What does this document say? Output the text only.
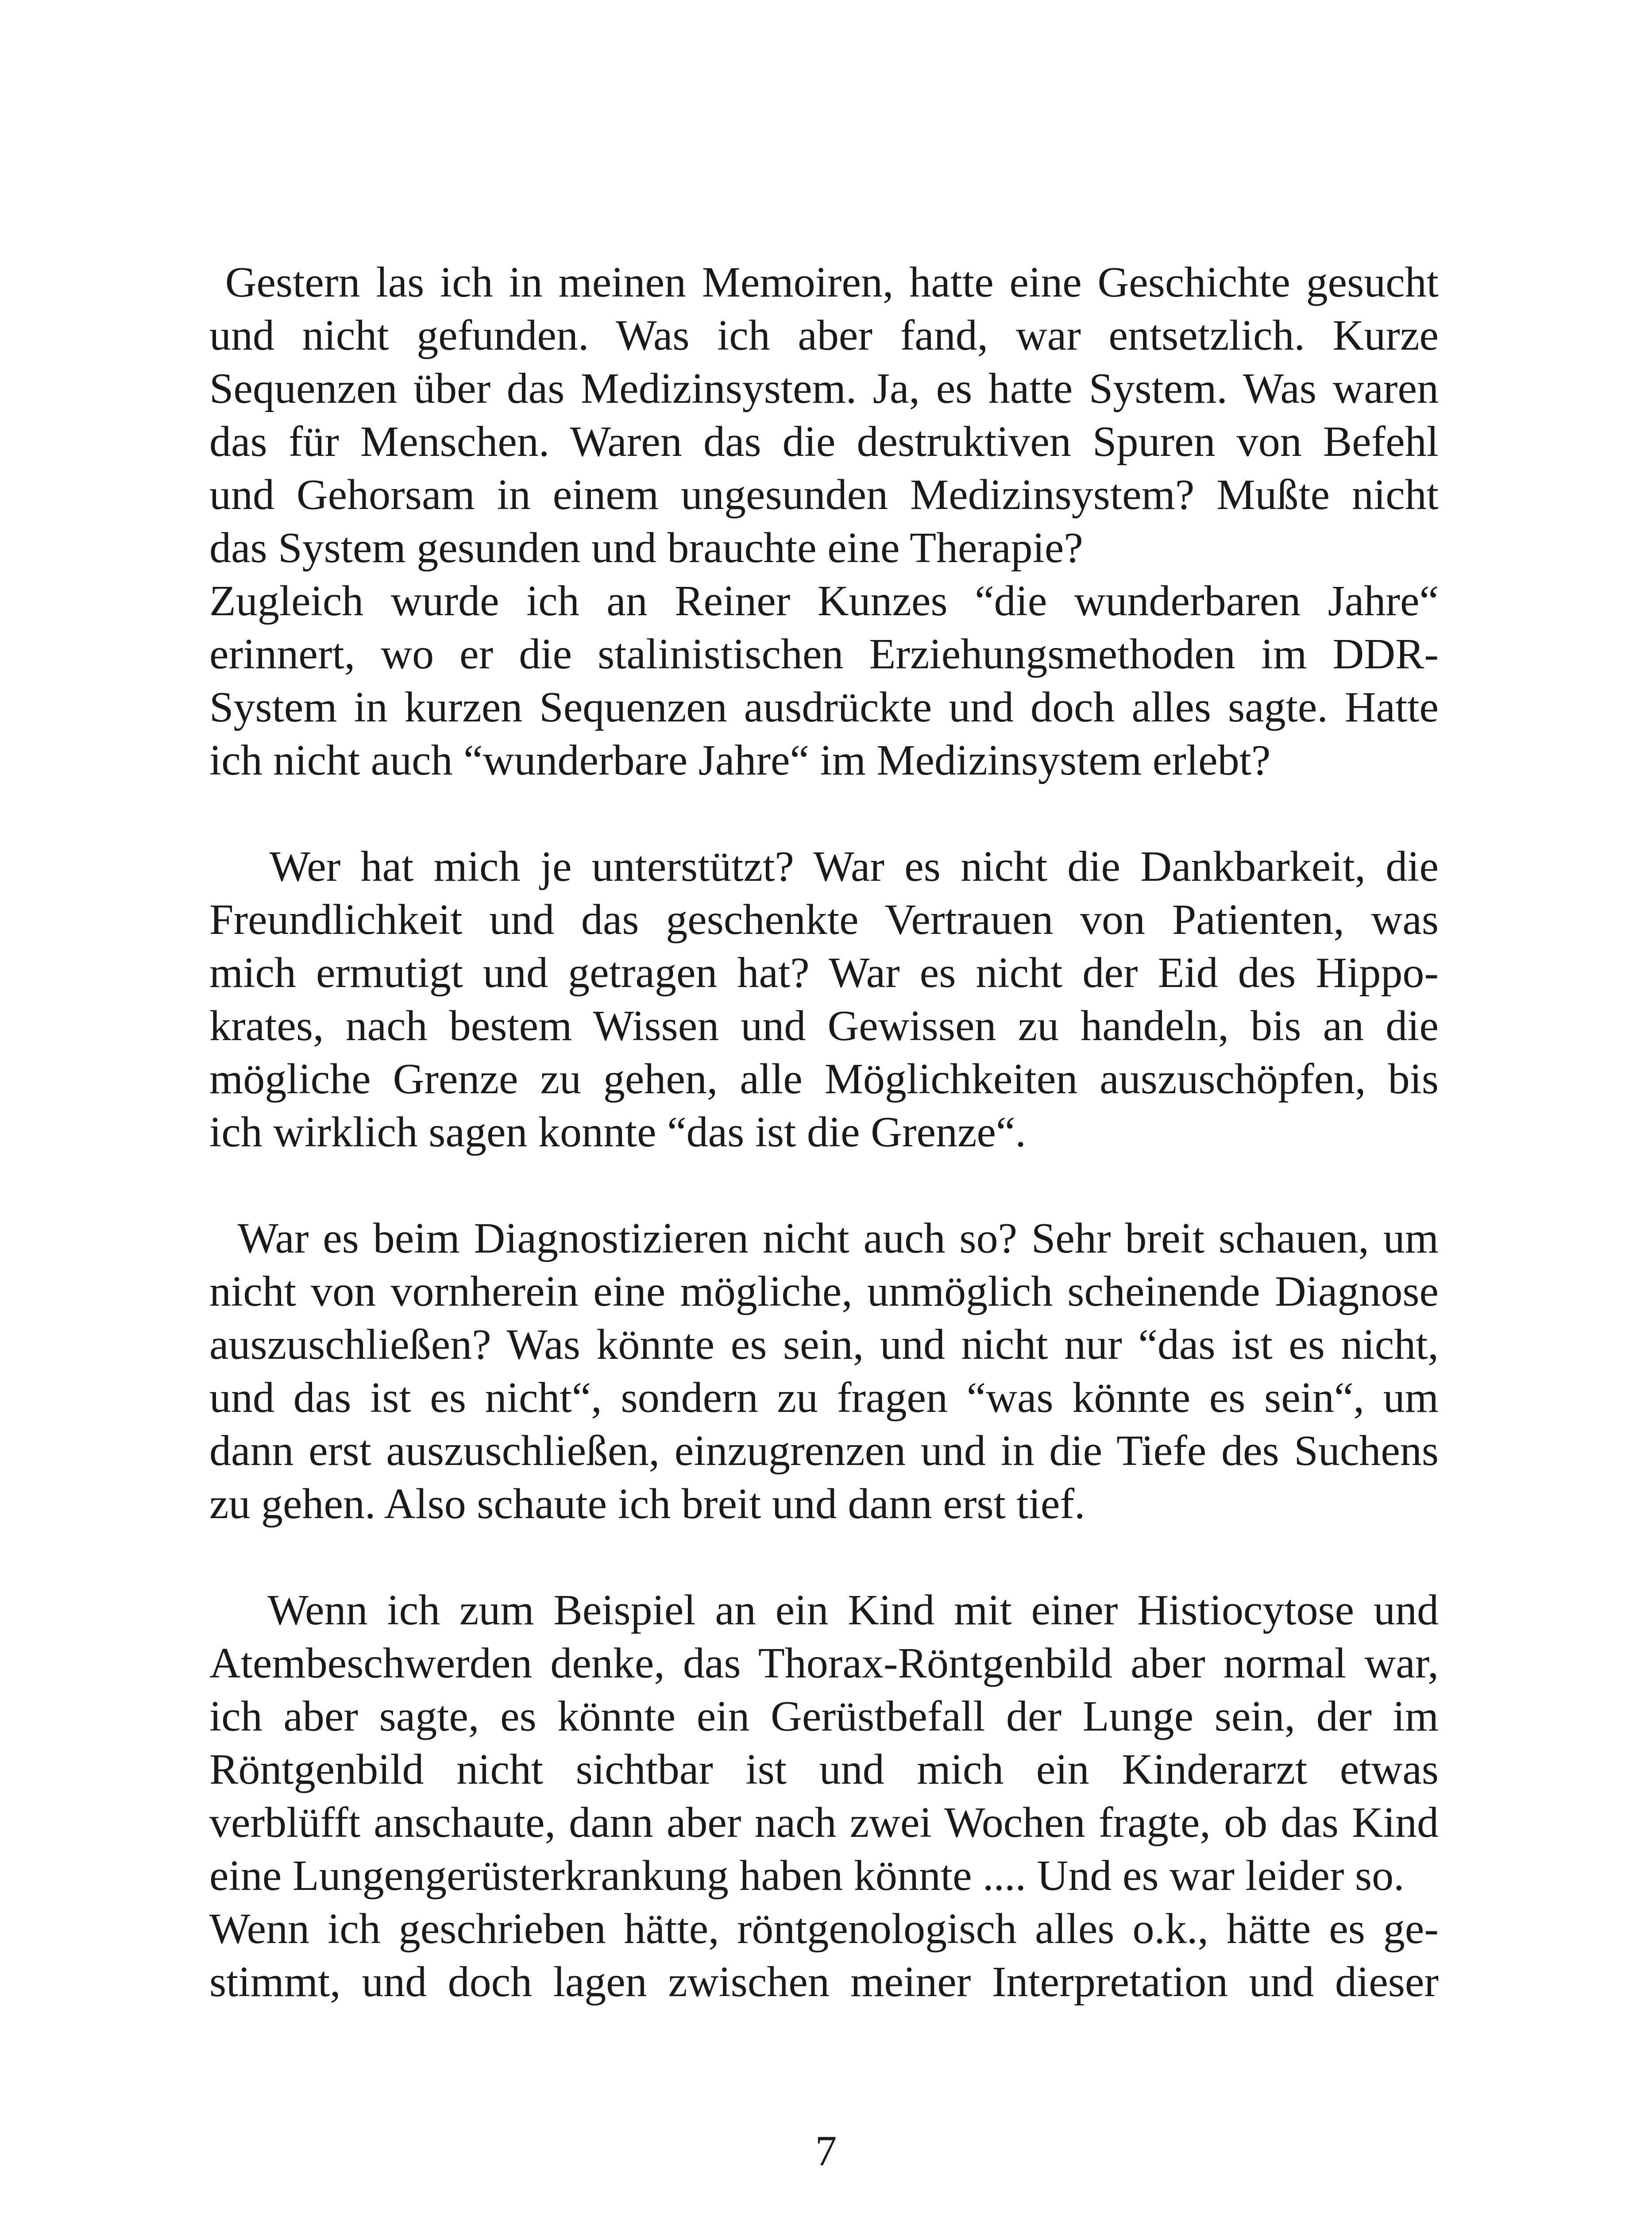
Gestern las ich in meinen Memoiren, hatte eine Geschichte gesucht
und nicht gefunden. Was ich aber fand, war entsetzlich. Kurze
Sequenzen über das Medizinsystem. Ja, es hatte System. Was waren
das für Menschen. Waren das die destruktiven Spuren von Befehl
und Gehorsam in einem ungesunden Medizinsystem? Mußte nicht
das System gesunden und brauchte eine Therapie?
Zugleich wurde ich an Reiner Kunzes “die wunderbaren Jahre“
erinnert, wo er die stalinistischen Erziehungsmethoden im DDR-
System in kurzen Sequenzen ausdrückte und doch alles sagte. Hatte
ich nicht auch “wunderbare Jahre“ im Medizinsystem erlebt?
Wer hat mich je unterstützt? War es nicht die Dankbarkeit, die
Freundlichkeit und das geschenkte Vertrauen von Patienten, was
mich ermutigt und getragen hat? War es nicht der Eid des Hippo-
krates, nach bestem Wissen und Gewissen zu handeln, bis an die
mögliche Grenze zu gehen, alle Möglichkeiten auszuschöpfen, bis
ich wirklich sagen konnte “das ist die Grenze“.
War es beim Diagnostizieren nicht auch so? Sehr breit schauen, um
nicht von vornherein eine mögliche, unmöglich scheinende Diagnose
auszuschließen? Was könnte es sein, und nicht nur “das ist es nicht,
und das ist es nicht“, sondern zu fragen “was könnte es sein“, um
dann erst auszuschließen, einzugrenzen und in die Tiefe des Suchens
zu gehen. Also schaute ich breit und dann erst tief.
Wenn ich zum Beispiel an ein Kind mit einer Histiocytose und
Atembeschwerden denke, das Thorax-Röntgenbild aber normal war,
ich aber sagte, es könnte ein Gerüstbefall der Lunge sein, der im
Röntgenbild nicht sichtbar ist und mich ein Kinderarzt etwas
verblüfft anschaute, dann aber nach zwei Wochen fragte, ob das Kind
eine Lungengerüsterkrankung haben könnte .... Und es war leider so.
Wenn ich geschrieben hätte, röntgenologisch alles o.k., hätte es ge-
stimmt, und doch lagen zwischen meiner Interpretation und dieser
7
